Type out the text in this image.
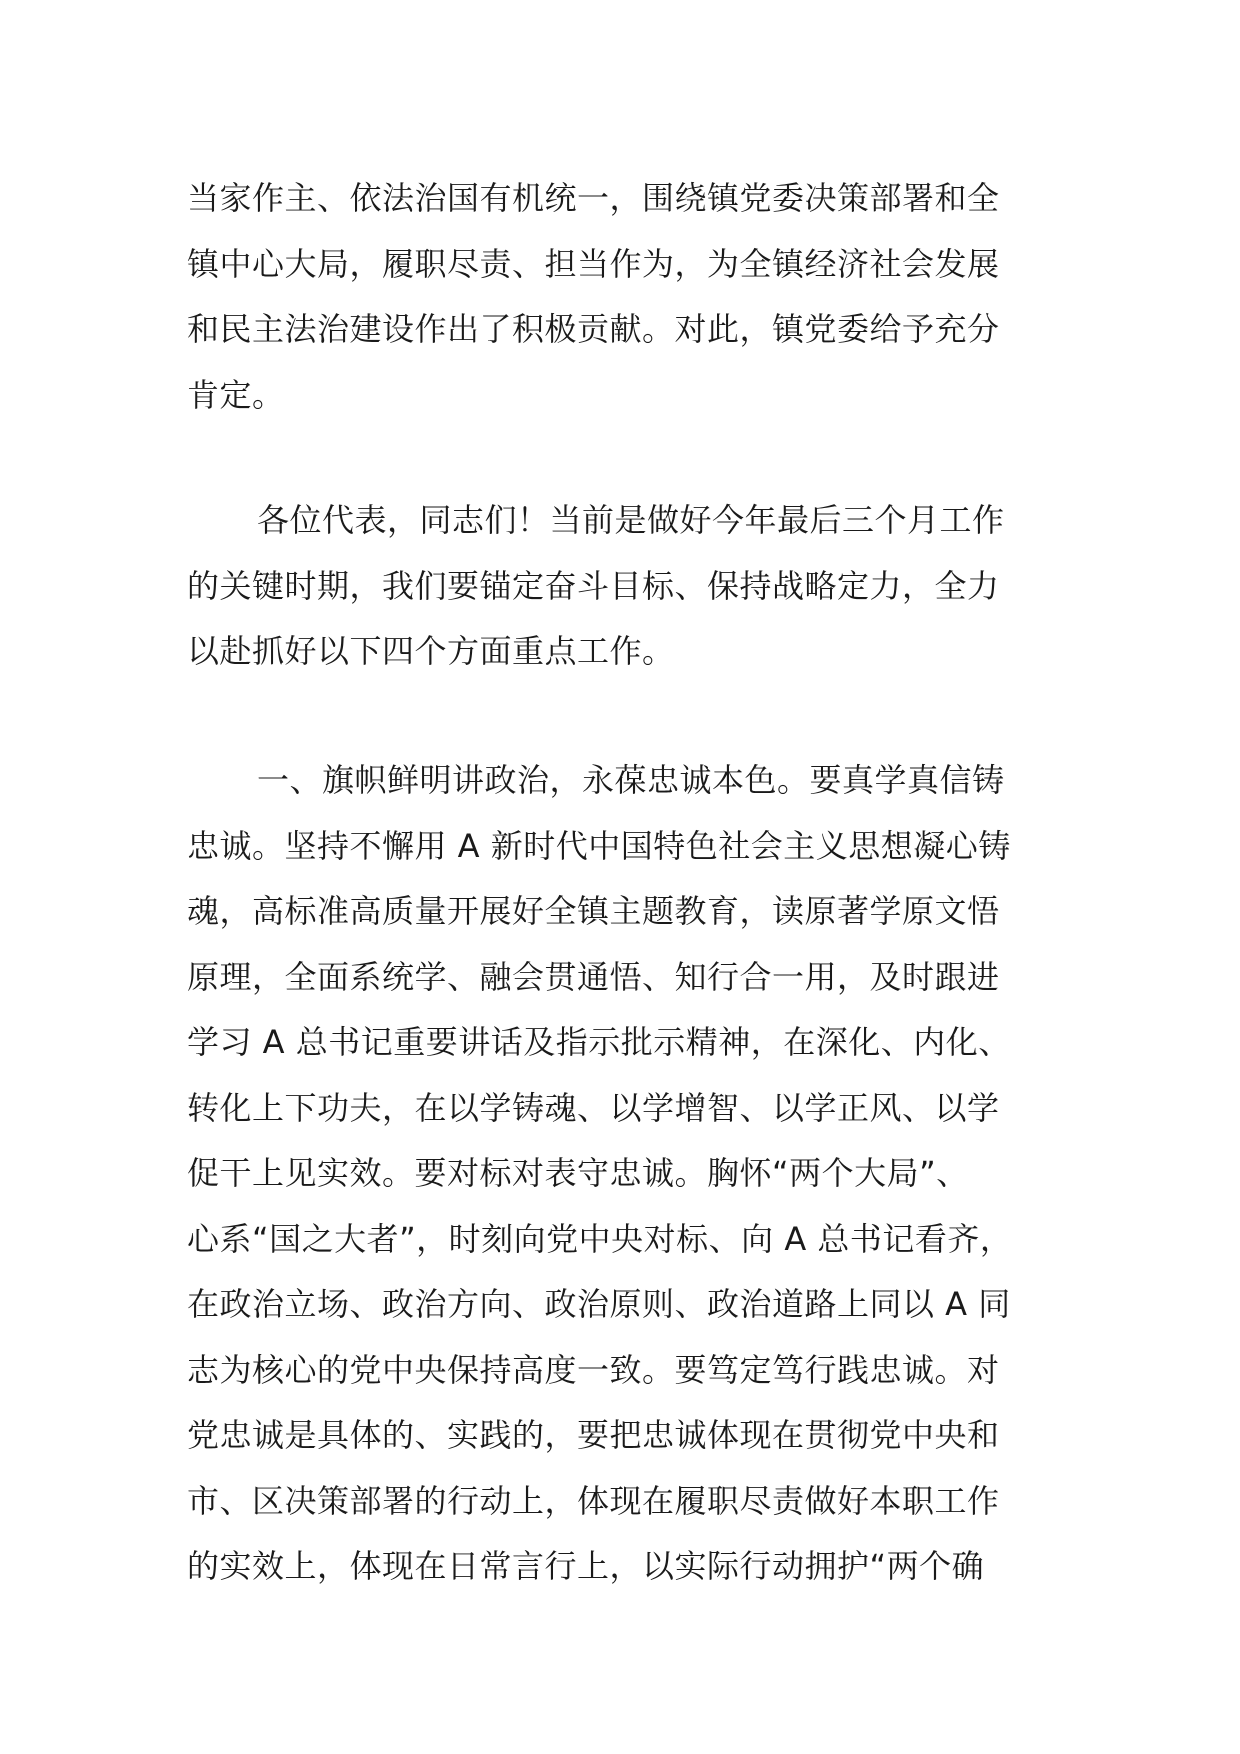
当家作主、依法治国有机统一，围绕镇党委决策部署和全
镇中心大局，履职尽责、担当作为，为全镇经济社会发展
和民主法治建设作出了积极贡献。对此，镇党委给予充分
肯定。
各位代表，同志们！当前是做好今年最后三个月工作
的关键时期，我们要锚定奋斗目标、保持战略定力，全力
以赴抓好以下四个方面重点工作。
一、旗帜鲜明讲政治，永葆忠诚本色。要真学真信铸
忠诚。坚持不懈用 A 新时代中国特色社会主义思想凝心铸
魂，高标准高质量开展好全镇主题教育，读原著学原文悟
原理，全面系统学、融会贯通悟、知行合一用，及时跟进
学习 A 总书记重要讲话及指示批示精神，在深化、内化、
转化上下功夫，在以学铸魂、以学增智、以学正风、以学
促干上见实效。要对标对表守忠诚。胸怀“两个大局”、
心系“国之大者”，时刻向党中央对标、向 A 总书记看齐，
在政治立场、政治方向、政治原则、政治道路上同以 A 同
志为核心的党中央保持高度一致。要笃定笃行践忠诚。对
党忠诚是具体的、实践的，要把忠诚体现在贯彻党中央和
市、区决策部署的行动上，体现在履职尽责做好本职工作
的实效上，体现在日常言行上，以实际行动拥护“两个确
